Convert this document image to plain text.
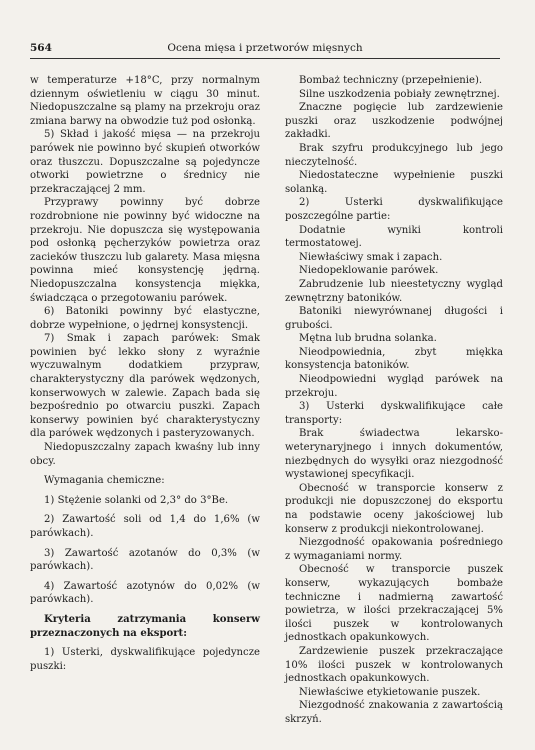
564	Ocena mięsa i przetworów mięsnych

w temperaturze +18°C, przy normalnym dziennym oświetleniu w ciągu 30 minut. Niedopuszczalne są plamy na przekroju oraz zmiana barwy na obwodzie tuż pod osłonką.

5) Skład i jakość mięsa — na przekroju parówek nie powinno być skupień otworków oraz tłuszczu. Dopuszczalne są pojedyncze otworki powietrzne o średnicy nie przekraczającej 2 mm.

Przyprawy powinny być dobrze rozdrobnione nie powinny być widoczne na przekroju. Nie dopuszcza się występowania pod osłonką pęcherzyków powietrza oraz zacieków tłuszczu lub galarety. Masa mięsna powinna mieć konsystencję jędrną. Niedopuszczalna konsystencja miękka, świadcząca o przegotowaniu parówek.

6) Batoniki powinny być elastyczne, dobrze wypełnione, o jędrnej konsystencji.

7) Smak i zapach parówek: Smak powinien być lekko słony z wyraźnie wyczuwalnym dodatkiem przypraw, charakterystyczny dla parówek wędzonych, konserwowych w zalewie. Zapach bada się bezpośrednio po otwarciu puszki. Zapach konserwy powinien być charakterystyczny dla parówek wędzonych i pasteryzowanych.

Niedopuszczalny zapach kwaśny lub inny obcy.

Wymagania chemiczne:

1) Stężenie solanki od 2,3° do 3°Be.

2) Zawartość soli od 1,4 do 1,6% (w parówkach).

3) Zawartość azotanów do 0,3% (w parówkach).

4) Zawartość azotynów do 0,02% (w parówkach).

Kryteria zatrzymania konserw przeznaczonych na eksport:

1) Usterki, dyskwalifikujące pojedyncze puszki:

Bombaż techniczny (przepełnienie).

Silne uszkodzenia pobiały zewnętrznej.

Znaczne pogięcie lub zardzewienie puszki oraz uszkodzenie podwójnej zakładki.

Brak szyfru produkcyjnego lub jego nieczytelność.

Niedostateczne wypełnienie puszki solanką.

2) Usterki dyskwalifikujące poszczególne partie:

Dodatnie wyniki kontroli termostatowej.

Niewłaściwy smak i zapach.

Niedopeklowanie parówek.

Zabrudzenie lub nieestetyczny wygląd zewnętrzny batoników.

Batoniki niewyrównanej długości i grubości.

Mętna lub brudna solanka.

Nieodpowiednia, zbyt miękka konsystencja batoników.

Nieodpowiedni wygląd parówek na przekroju.

3) Usterki dyskwalifikujące całe transporty:

Brak świadectwa lekarsko-weterynaryjnego i innych dokumentów, niezbędnych do wysyłki oraz niezgodność wystawionej specyfikacji.

Obecność w transporcie konserw z produkcji nie dopuszczonej do eksportu na podstawie oceny jakościowej lub konserw z produkcji niekontrolowanej.

Niezgodność opakowania pośredniego z wymaganiami normy.

Obecność w transporcie puszek konserw, wykazujących bombaże techniczne i nadmierną zawartość powietrza, w ilości przekraczającej 5% ilości puszek w kontrolowanych jednostkach opakunkowych.

Zardzewienie puszek przekraczające 10% ilości puszek w kontrolowanych jednostkach opakunkowych.

Niewłaściwe etykietowanie puszek.

Niezgodność znakowania z zawartością skrzyń.
